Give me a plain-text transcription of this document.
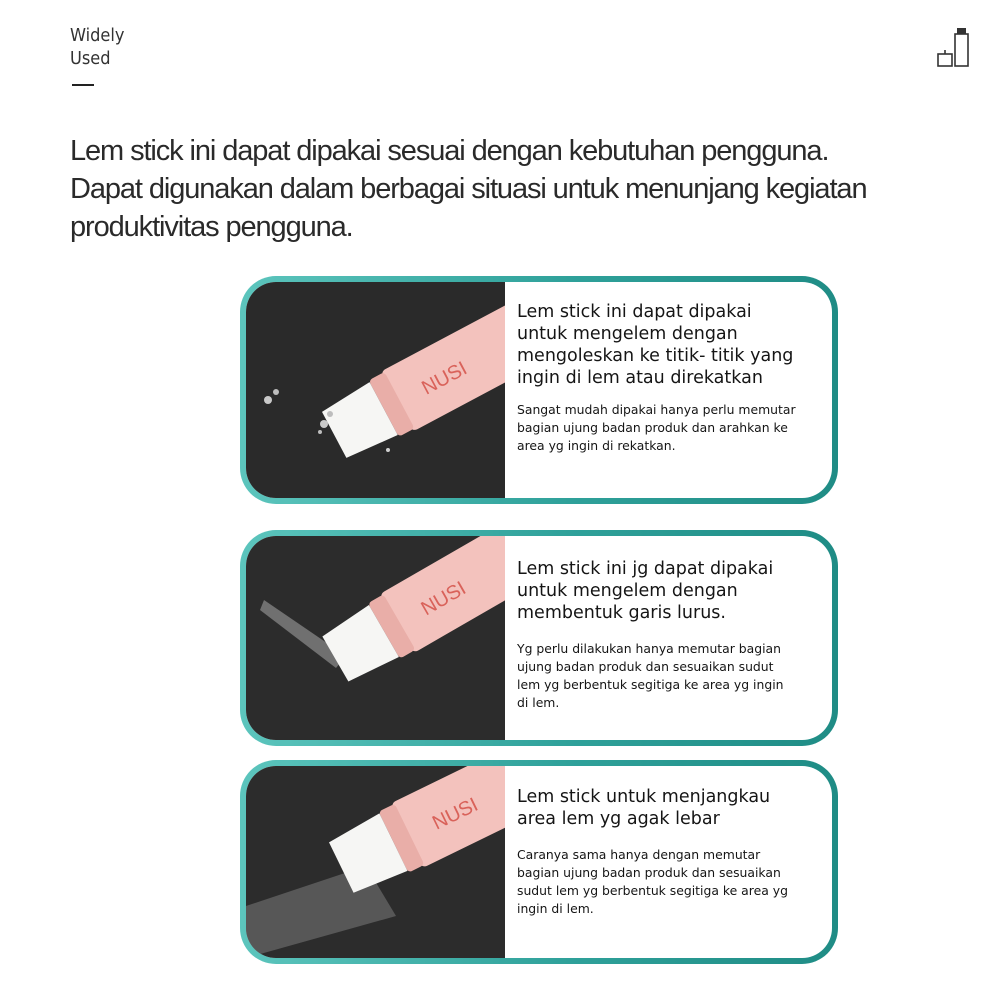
Widely
Used
Lem stick ini dapat dipakai sesuai dengan kebutuhan pengguna.
Dapat digunakan dalam berbagai situasi untuk menunjang kegiatan
produktivitas pengguna.
NUSI

Lem stick ini dapat dipakai
untuk mengelem dengan
mengoleskan ke titik- titik yang
ingin di lem atau direkatkan

Sangat mudah dipakai hanya perlu memutar
bagian ujung badan produk dan arahkan ke
area yg ingin di rekatkan.

NUSI

Lem stick ini jg dapat dipakai
untuk mengelem dengan
membentuk garis lurus.

Yg perlu dilakukan hanya memutar bagian
ujung badan produk dan sesuaikan sudut
lem yg berbentuk segitiga ke area yg ingin
di lem.

NUSI Lem stick untuk menjangkau
area lem yg agak lebar

Caranya sama hanya dengan memutar
bagian ujung badan produk dan sesuaikan
sudut lem yg berbentuk segitiga ke area yg
ingin di lem.
